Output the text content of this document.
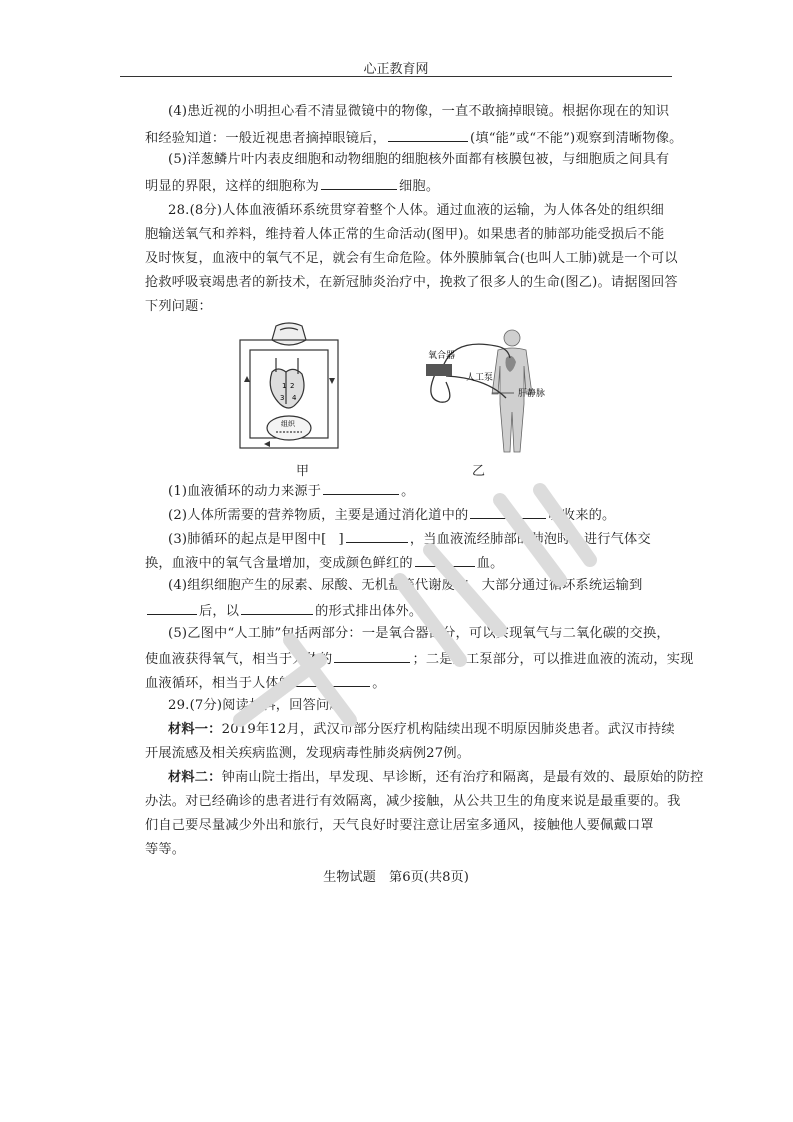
心正教育网
(4)患近视的小明担心看不清显微镜中的物像，一直不敢摘掉眼镜。根据你现在的知识
和经验知道：一般近视患者摘掉眼镜后，	(填“能”或“不能”)观察到清晰物像。
(5)洋葱鳞片叶内表皮细胞和动物细胞的细胞核外面都有核膜包被，与细胞质之间具有
明显的界限，这样的细胞称为	细胞。
28.(8分)人体血液循环系统贯穿着整个人体。通过血液的运输，为人体各处的组织细
胞输送氧气和养料，维持着人体正常的生命活动(图甲)。如果患者的肺部功能受损后不能
及时恢复，血液中的氧气不足，就会有生命危险。体外膜肺氧合(也叫人工肺)就是一个可以
抢救呼吸衰竭患者的新技术，在新冠肺炎治疗中，挽救了很多人的生命(图乙)。请据图回答
下列问题：
1 2
3 4
组织
甲
氧合器
人工泵
肝静脉
乙
(1)血液循环的动力来源于	。
(2)人体所需要的营养物质，主要是通过消化道中的	吸收来的。
(3)肺循环的起点是甲图中[ ]	，当血液流经肺部的肺泡时，进行气体交
换，血液中的氧气含量增加，变成颜色鲜红的	血。
(4)组织细胞产生的尿素、尿酸、无机盐等代谢废物，大部分通过循环系统运输到
后，以	的形式排出体外。
(5)乙图中“人工肺”包括两部分：一是氧合器部分，可以实现氧气与二氧化碳的交换，
使血液获得氧气，相当于人体的	；二是人工泵部分，可以推进血液的流动，实现
血液循环，相当于人体的	。
29.(7分)阅读材料，回答问题。
材料一：2019年12月，武汉市部分医疗机构陆续出现不明原因肺炎患者。武汉市持续
开展流感及相关疾病监测，发现病毒性肺炎病例27例。
材料二：钟南山院士指出，早发现、早诊断，还有治疗和隔离，是最有效的、最原始的防控
办法。对已经确诊的患者进行有效隔离，减少接触，从公共卫生的角度来说是最重要的。我
们自己要尽量减少外出和旅行，天气良好时要注意让居室多通风，接触他人要佩戴口罩
等等。
生物试题　第6页(共8页)
